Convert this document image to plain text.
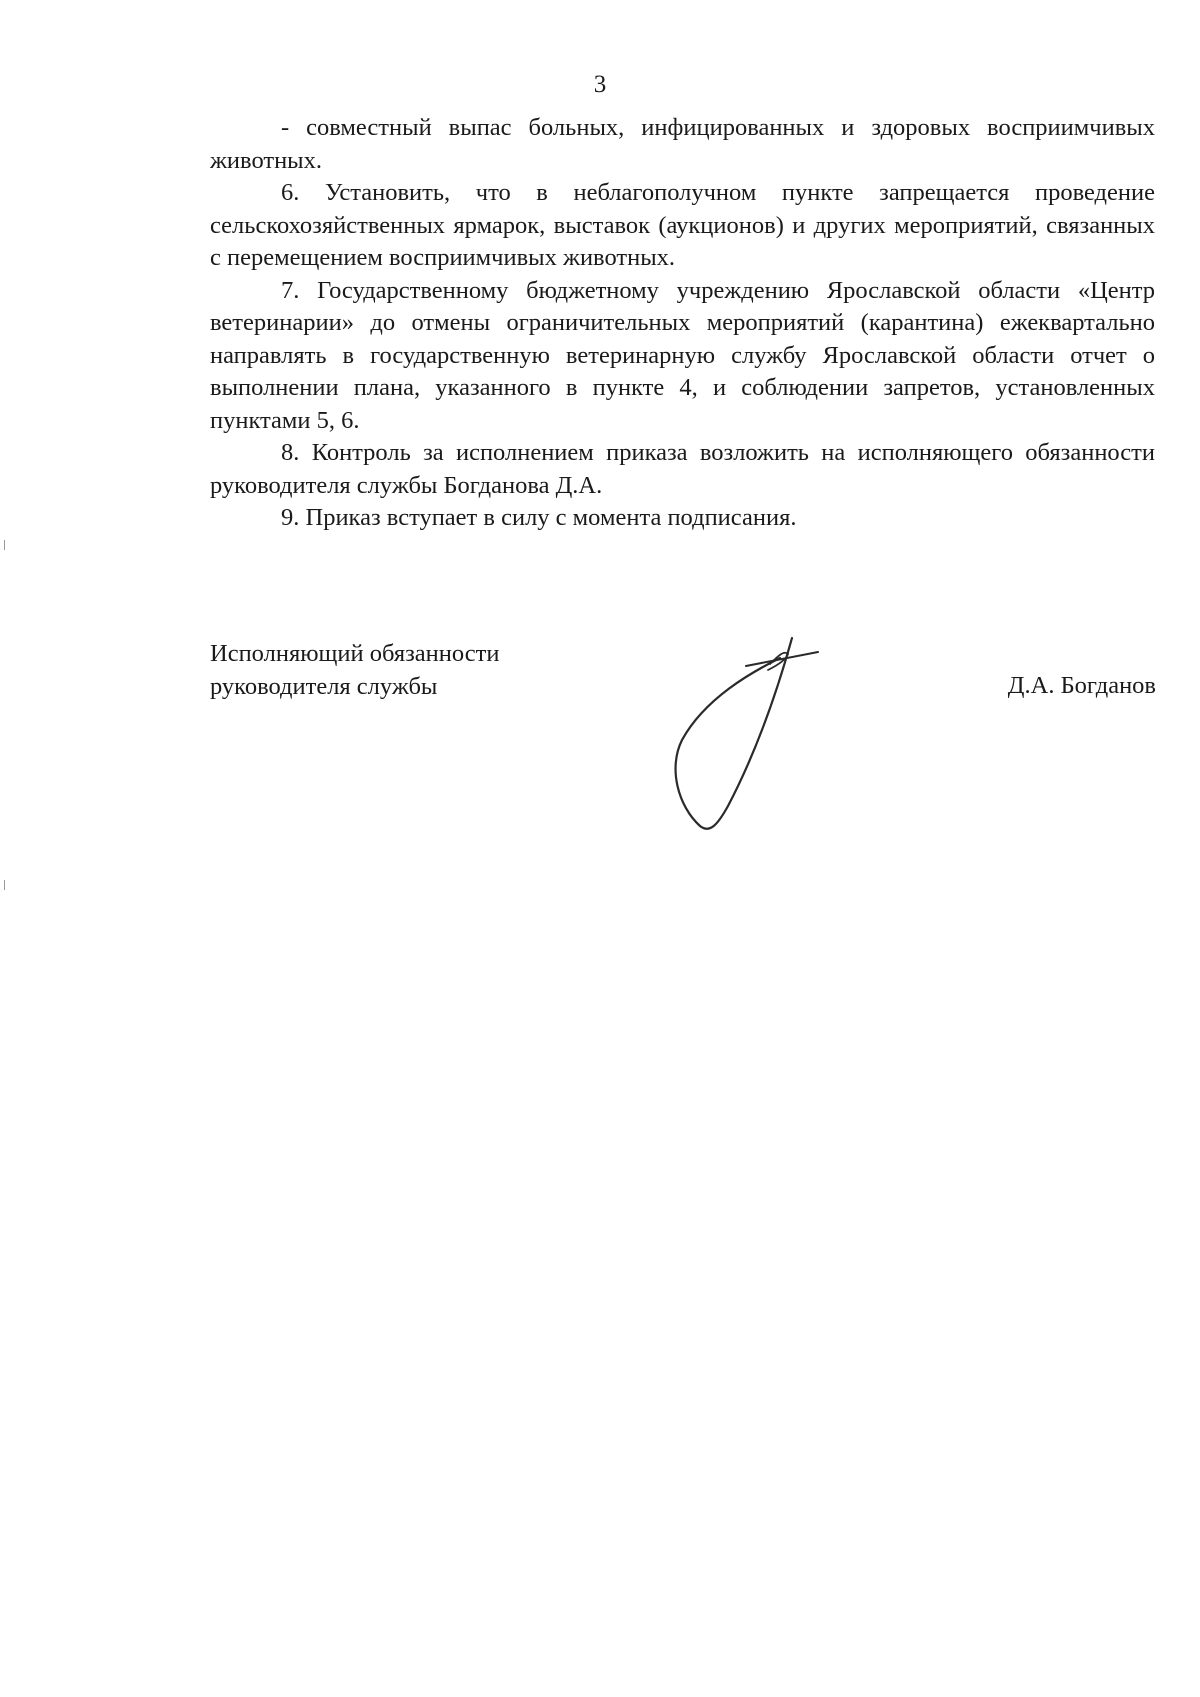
3

- совместный выпас больных, инфицированных и здоровых восприимчивых животных.

6. Установить, что в неблагополучном пункте запрещается проведение сельскохозяйственных ярмарок, выставок (аукционов) и других мероприятий, связанных с перемещением восприимчивых животных.

7. Государственному бюджетному учреждению Ярославской области «Центр ветеринарии» до отмены ограничительных мероприятий (карантина) ежеквартально направлять в государственную ветеринарную службу Ярославской области отчет о выполнении плана, указанного в пункте 4, и соблюдении запретов, установленных пунктами 5, 6.

8. Контроль за исполнением приказа возложить на исполняющего обязанности руководителя службы Богданова Д.А.

9. Приказ вступает в силу с момента подписания.

Исполняющий обязанности
руководителя службы	Д.А. Богданов
